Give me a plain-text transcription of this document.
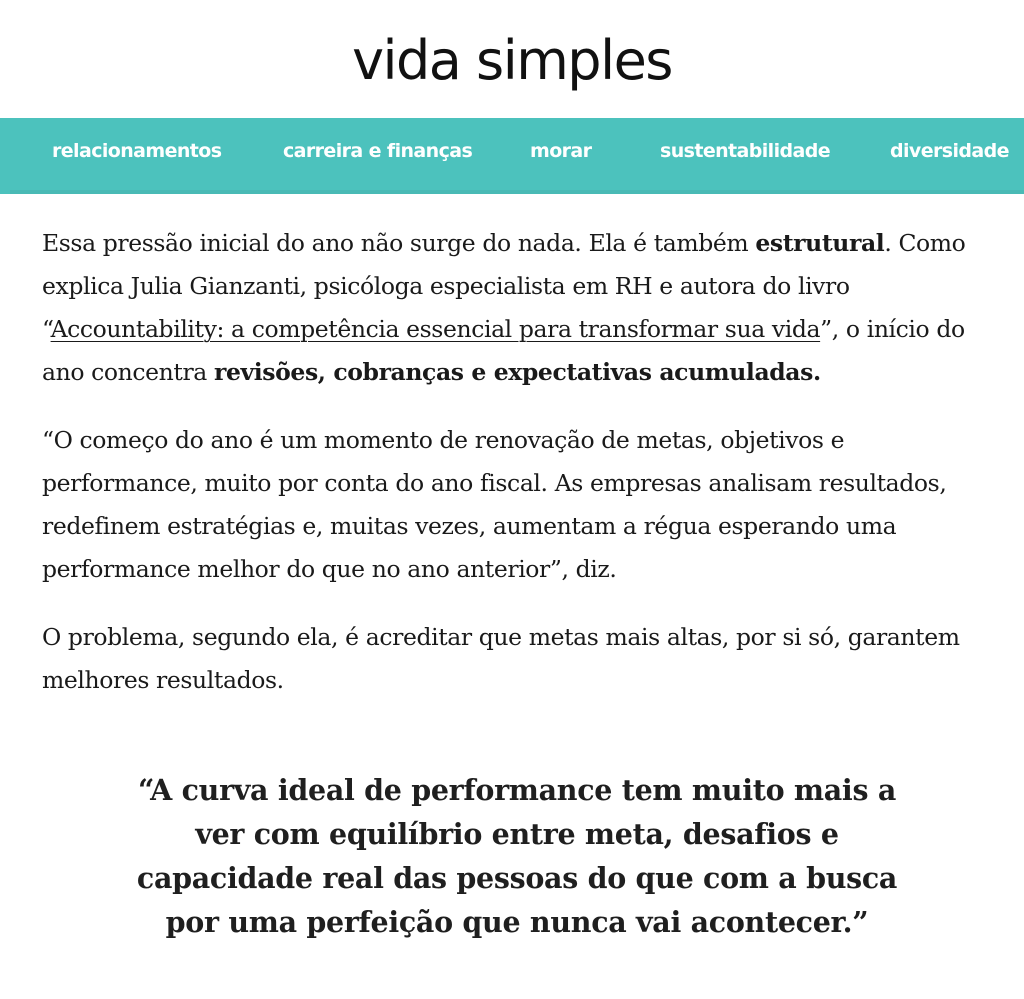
vida simples
relacionamentos	carreira e finanças	morar	sustentabilidade	diversidade

Essa pressão inicial do ano não surge do nada. Ela é também estrutural. Como explica Julia Gianzanti, psicóloga especialista em RH e autora do livro “Accountability: a competência essencial para transformar sua vida”, o início do ano concentra revisões, cobranças e expectativas acumuladas.

“O começo do ano é um momento de renovação de metas, objetivos e performance, muito por conta do ano fiscal. As empresas analisam resultados, redefinem estratégias e, muitas vezes, aumentam a régua esperando uma performance melhor do que no ano anterior”, diz.

O problema, segundo ela, é acreditar que metas mais altas, por si só, garantem melhores resultados.

“A curva ideal de performance tem muito mais a ver com equilíbrio entre meta, desafios e capacidade real das pessoas do que com a busca por uma perfeição que nunca vai acontecer.”
